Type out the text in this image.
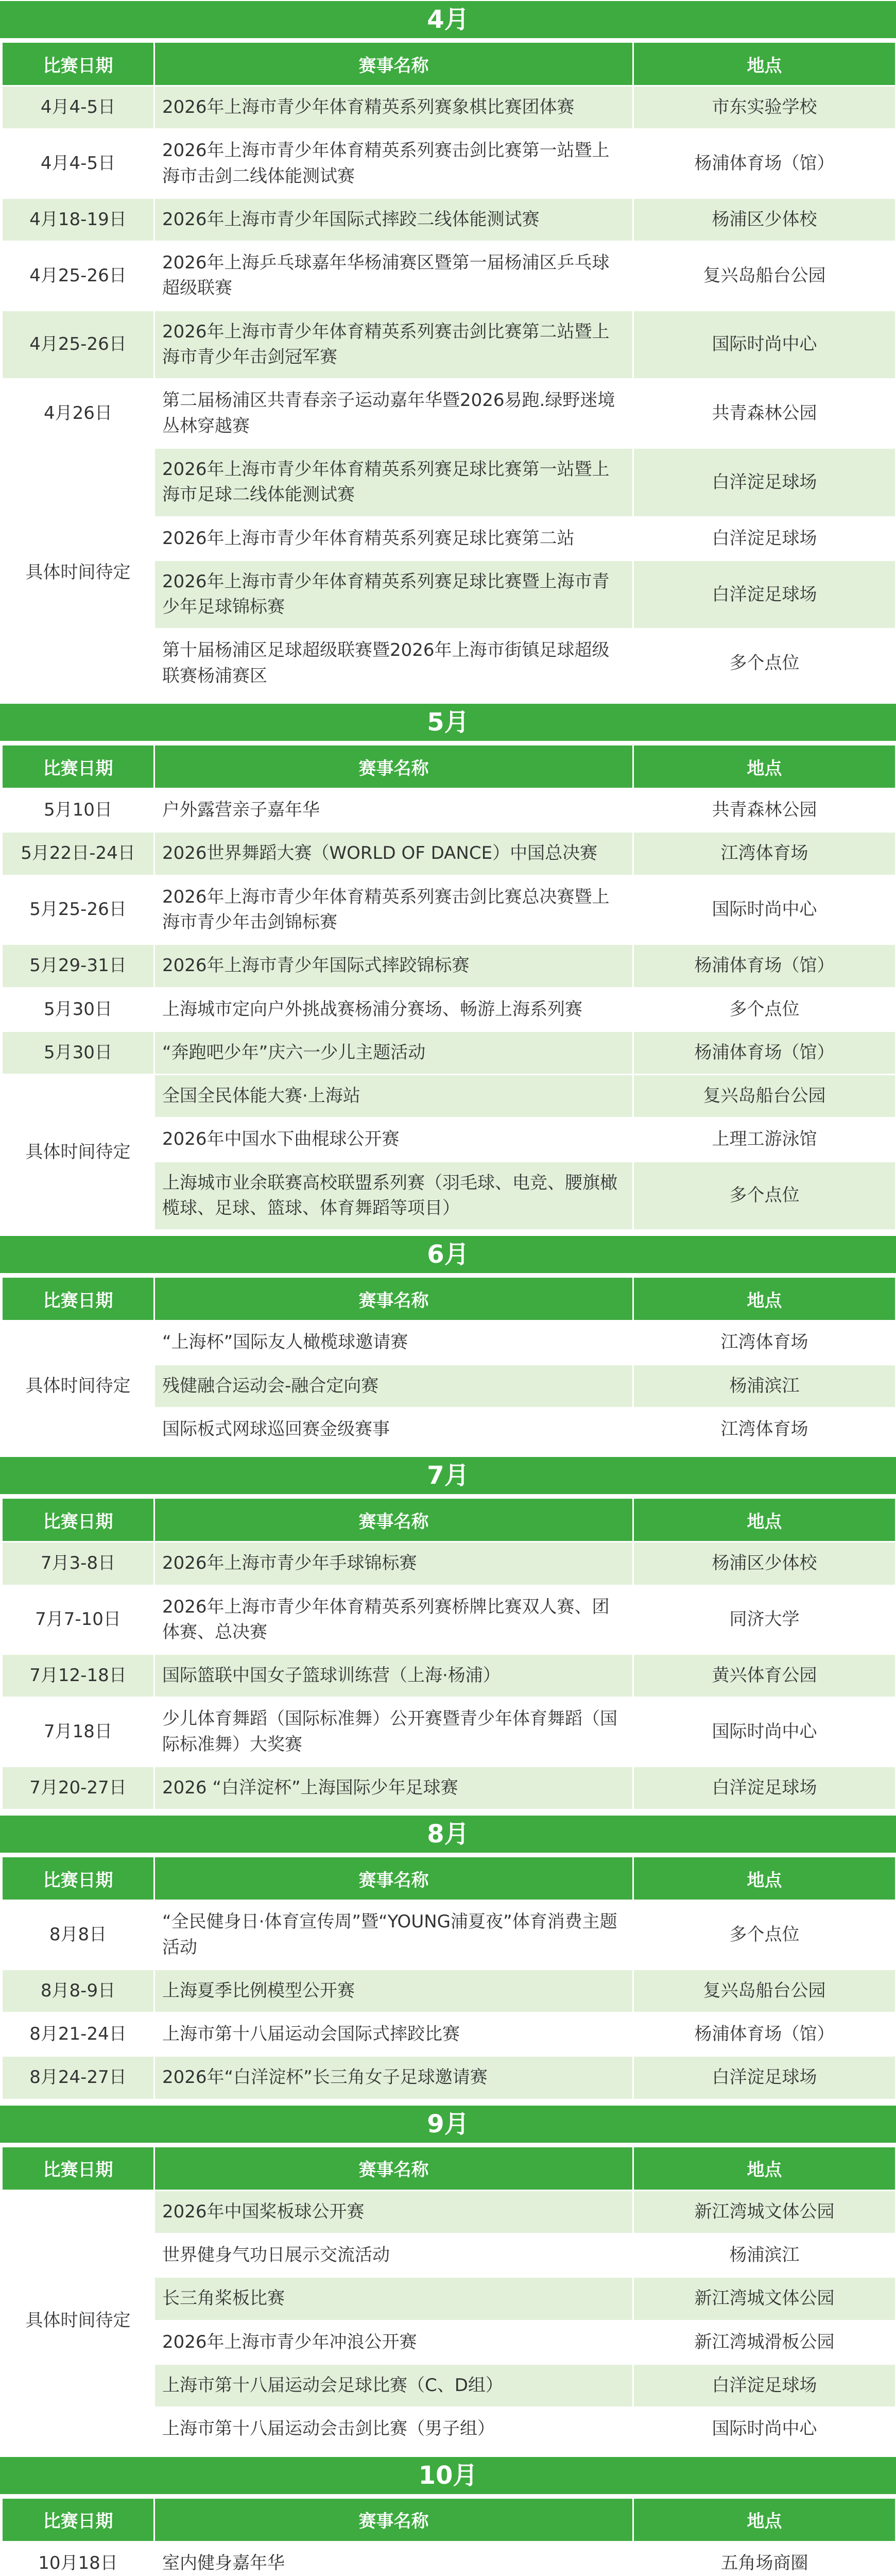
4月
比赛日期	赛事名称	地点
4月4-5日	2026年上海市青少年体育精英系列赛象棋比赛团体赛	市东实验学校
4月4-5日	2026年上海市青少年体育精英系列赛击剑比赛第一站暨上海市击剑二线体能测试赛	杨浦体育场（馆）
4月18-19日	2026年上海市青少年国际式摔跤二线体能测试赛	杨浦区少体校
4月25-26日	2026年上海乒乓球嘉年华杨浦赛区暨第一届杨浦区乒乓球超级联赛	复兴岛船台公园
4月25-26日	2026年上海市青少年体育精英系列赛击剑比赛第二站暨上海市青少年击剑冠军赛	国际时尚中心
4月26日	第二届杨浦区共青春亲子运动嘉年华暨2026易跑.绿野迷境丛林穿越赛	共青森林公园
具体时间待定	2026年上海市青少年体育精英系列赛足球比赛第一站暨上海市足球二线体能测试赛	白洋淀足球场
	2026年上海市青少年体育精英系列赛足球比赛第二站	白洋淀足球场
	2026年上海市青少年体育精英系列赛足球比赛暨上海市青少年足球锦标赛	白洋淀足球场
	第十届杨浦区足球超级联赛暨2026年上海市街镇足球超级联赛杨浦赛区	多个点位
5月
比赛日期	赛事名称	地点
5月10日	户外露营亲子嘉年华	共青森林公园
5月22日-24日	2026世界舞蹈大赛（WORLD OF DANCE）中国总决赛	江湾体育场
5月25-26日	2026年上海市青少年体育精英系列赛击剑比赛总决赛暨上海市青少年击剑锦标赛	国际时尚中心
5月29-31日	2026年上海市青少年国际式摔跤锦标赛	杨浦体育场（馆）
5月30日	上海城市定向户外挑战赛杨浦分赛场、畅游上海系列赛	多个点位
5月30日	“奔跑吧少年”庆六一少儿主题活动	杨浦体育场（馆）
具体时间待定	全国全民体能大赛·上海站	复兴岛船台公园
	2026年中国水下曲棍球公开赛	上理工游泳馆
	上海城市业余联赛高校联盟系列赛（羽毛球、电竞、腰旗橄榄球、足球、篮球、体育舞蹈等项目）	多个点位
6月
比赛日期	赛事名称	地点
具体时间待定	“上海杯”国际友人橄榄球邀请赛	江湾体育场
	残健融合运动会-融合定向赛	杨浦滨江
	国际板式网球巡回赛金级赛事	江湾体育场
7月
比赛日期	赛事名称	地点
7月3-8日	2026年上海市青少年手球锦标赛	杨浦区少体校
7月7-10日	2026年上海市青少年体育精英系列赛桥牌比赛双人赛、团体赛、总决赛	同济大学
7月12-18日	国际篮联中国女子篮球训练营（上海·杨浦）	黄兴体育公园
7月18日	少儿体育舞蹈（国际标准舞）公开赛暨青少年体育舞蹈（国际标准舞）大奖赛	国际时尚中心
7月20-27日	2026 “白洋淀杯”上海国际少年足球赛	白洋淀足球场
8月
比赛日期	赛事名称	地点
8月8日	“全民健身日·体育宣传周”暨“YOUNG浦夏夜”体育消费主题活动	多个点位
8月8-9日	上海夏季比例模型公开赛	复兴岛船台公园
8月21-24日	上海市第十八届运动会国际式摔跤比赛	杨浦体育场（馆）
8月24-27日	2026年“白洋淀杯”长三角女子足球邀请赛	白洋淀足球场
9月
比赛日期	赛事名称	地点
具体时间待定	2026年中国桨板球公开赛	新江湾城文体公园
	世界健身气功日展示交流活动	杨浦滨江
	长三角桨板比赛	新江湾城文体公园
	2026年上海市青少年冲浪公开赛	新江湾城滑板公园
	上海市第十八届运动会足球比赛（C、D组）	白洋淀足球场
	上海市第十八届运动会击剑比赛（男子组）	国际时尚中心
10月
比赛日期	赛事名称	地点
10月18日	室内健身嘉年华	五角场商圈
